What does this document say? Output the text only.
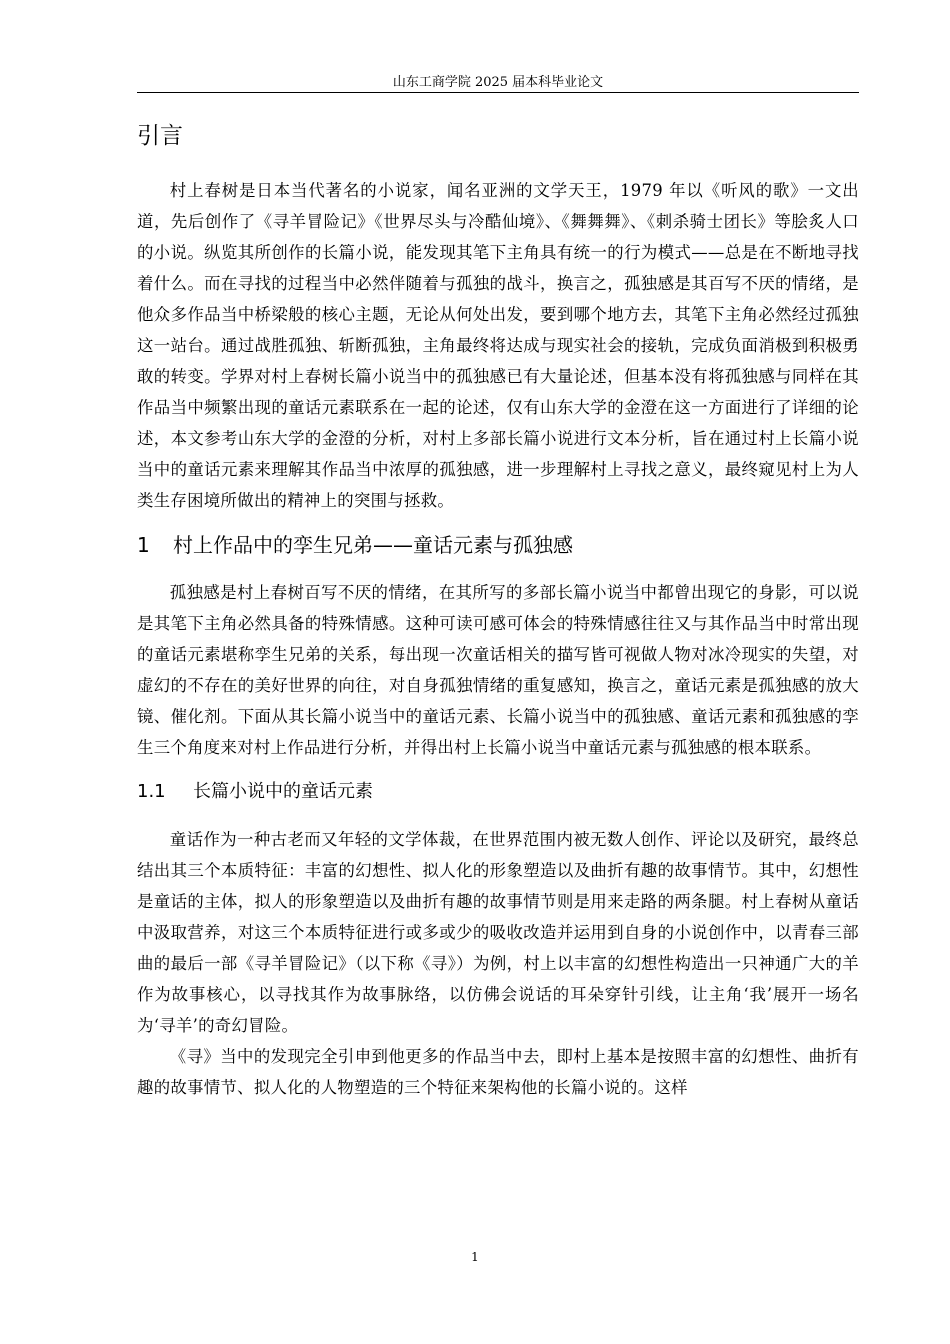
山东工商学院 2025 届本科毕业论文
引言

村上春树是日本当代著名的小说家，闻名亚洲的文学天王，1979 年以《听风的歌》一文出道，先后创作了《寻羊冒险记》《世界尽头与冷酷仙境》、《舞舞舞》、《刺杀骑士团长》等脍炙人口的小说。纵览其所创作的长篇小说，能发现其笔下主角具有统一的行为模式——总是在不断地寻找着什么。而在寻找的过程当中必然伴随着与孤独的战斗，换言之，孤独感是其百写不厌的情绪，是他众多作品当中桥梁般的核心主题，无论从何处出发，要到哪个地方去，其笔下主角必然经过孤独这一站台。通过战胜孤独、斩断孤独，主角最终将达成与现实社会的接轨，完成负面消极到积极勇敢的转变。学界对村上春树长篇小说当中的孤独感已有大量论述，但基本没有将孤独感与同样在其作品当中频繁出现的童话元素联系在一起的论述，仅有山东大学的金澄在这一方面进行了详细的论述，本文参考山东大学的金澄的分析，对村上多部长篇小说进行文本分析，旨在通过村上长篇小说当中的童话元素来理解其作品当中浓厚的孤独感，进一步理解村上寻找之意义，最终窥见村上为人类生存困境所做出的精神上的突围与拯救。

1 村上作品中的孪生兄弟——童话元素与孤独感

孤独感是村上春树百写不厌的情绪，在其所写的多部长篇小说当中都曾出现它的身影，可以说是其笔下主角必然具备的特殊情感。这种可读可感可体会的特殊情感往往又与其作品当中时常出现的童话元素堪称孪生兄弟的关系，每出现一次童话相关的描写皆可视做人物对冰冷现实的失望，对虚幻的不存在的美好世界的向往，对自身孤独情绪的重复感知，换言之，童话元素是孤独感的放大镜、催化剂。下面从其长篇小说当中的童话元素、长篇小说当中的孤独感、童话元素和孤独感的孪生三个角度来对村上作品进行分析，并得出村上长篇小说当中童话元素与孤独感的根本联系。

1.1 长篇小说中的童话元素

童话作为一种古老而又年轻的文学体裁，在世界范围内被无数人创作、评论以及研究，最终总结出其三个本质特征：丰富的幻想性、拟人化的形象塑造以及曲折有趣的故事情节。其中，幻想性是童话的主体，拟人的形象塑造以及曲折有趣的故事情节则是用来走路的两条腿。村上春树从童话中汲取营养，对这三个本质特征进行或多或少的吸收改造并运用到自身的小说创作中，以青春三部曲的最后一部《寻羊冒险记》（以下称《寻》）为例，村上以丰富的幻想性构造出一只神通广大的羊作为故事核心，以寻找其作为故事脉络，以仿佛会说话的耳朵穿针引线，让主角‘我’展开一场名为‘寻羊’的奇幻冒险。

《寻》当中的发现完全引申到他更多的作品当中去，即村上基本是按照丰富的幻想性、曲折有趣的故事情节、拟人化的人物塑造的三个特征来架构他的长篇小说的。这样

1
